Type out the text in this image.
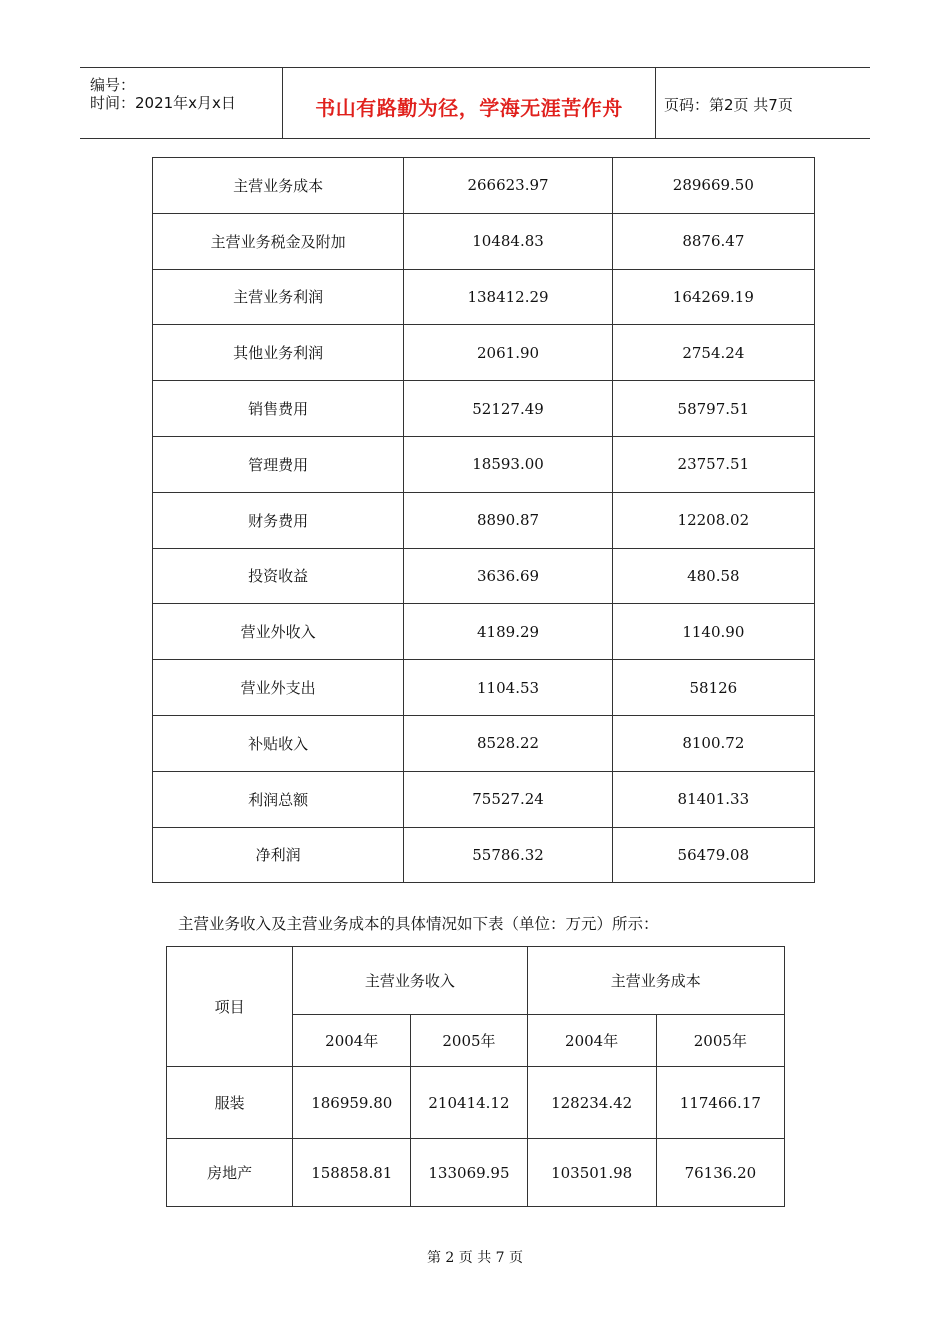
编号：
时间：2021年x月x日	书山有路勤为径，学海无涯苦作舟	页码：第2页 共7页
主营业务成本	266623.97	289669.50
主营业务税金及附加	10484.83	8876.47
主营业务利润	138412.29	164269.19
其他业务利润	2061.90	2754.24
销售费用	52127.49	58797.51
管理费用	18593.00	23757.51
财务费用	8890.87	12208.02
投资收益	3636.69	480.58
营业外收入	4189.29	1140.90
营业外支出	1104.53	58126
补贴收入	8528.22	8100.72
利润总额	75527.24	81401.33
净利润	55786.32	56479.08
主营业务收入及主营业务成本的具体情况如下表（单位：万元）所示：
项目	主营业务收入		主营业务成本	
	2004年	2005年	2004年	2005年
服装	186959.80	210414.12	128234.42	117466.17
房地产	158858.81	133069.95	103501.98	76136.20
第 2 页 共 7 页
